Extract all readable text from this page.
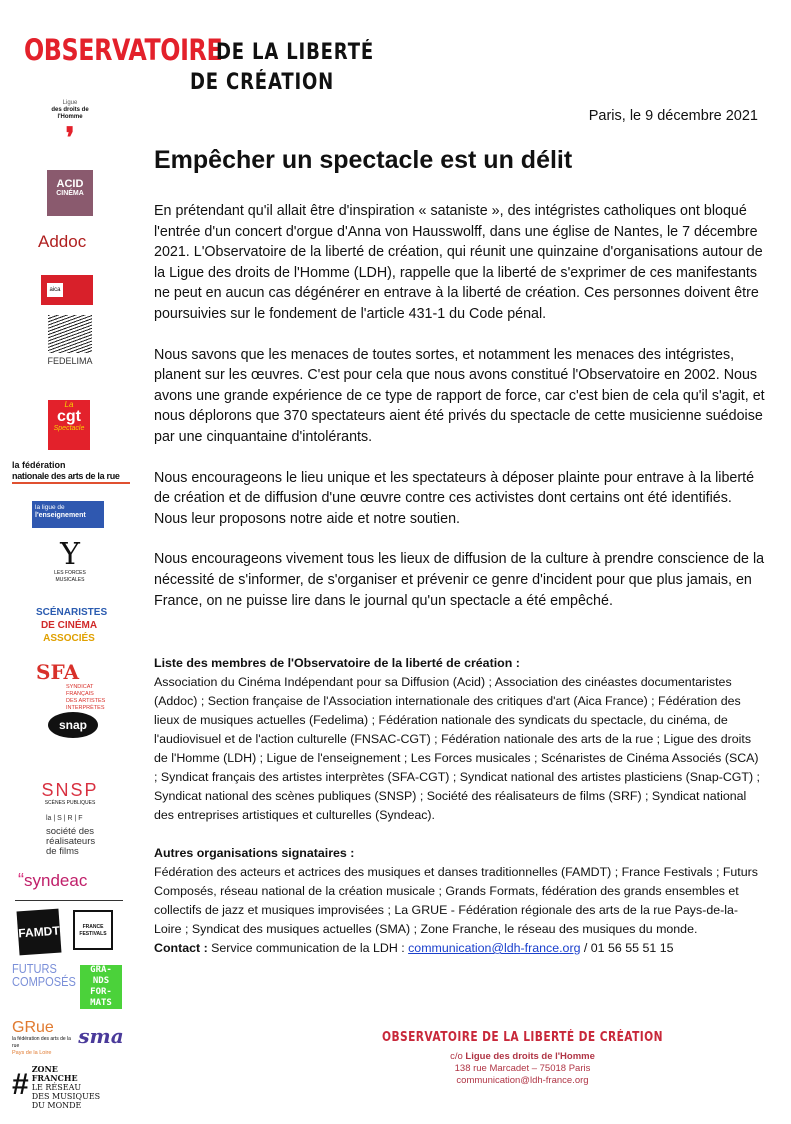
OBSERVATOIRE
DE LA LIBERTÉ
DE CRÉATION
Paris, le 9 décembre 2021
Empêcher un spectacle est un délit

En prétendant qu'il allait être d'inspiration « sataniste », des intégristes catholiques ont bloqué l'entrée d'un concert d'orgue d'Anna von Hausswolff, dans une église de Nantes, le 7 décembre 2021. L'Observatoire de la liberté de création, qui réunit une quinzaine d'organisations autour de la Ligue des droits de l'Homme (LDH), rappelle que la liberté de s'exprimer de ces manifestants ne peut en aucun cas dégénérer en entrave à la liberté de création. Ces personnes doivent être poursuivies sur le fondement de l'article 431-1 du Code pénal.

Nous savons que les menaces de toutes sortes, et notamment les menaces des intégristes, planent sur les œuvres. C'est pour cela que nous avons constitué l'Observatoire en 2002. Nous avons une grande expérience de ce type de rapport de force, car c'est bien de cela qu'il s'agit, et nous déplorons que 370 spectateurs aient été privés du spectacle de cette musicienne suédoise par une cinquantaine d'intolérants.

Nous encourageons le lieu unique et les spectateurs à déposer plainte pour entrave à la liberté de création et de diffusion d'une œuvre contre ces activistes dont certains ont été identifiés. Nous leur proposons notre aide et notre soutien.

Nous encourageons vivement tous les lieux de diffusion de la culture à prendre conscience de la nécessité de s'informer, de s'organiser et prévenir ce genre d'incident pour que plus jamais, en France, on ne puisse lire dans le journal qu'un spectacle a été empêché.

Liste des membres de l'Observatoire de la liberté de création :

Association du Cinéma Indépendant pour sa Diffusion (Acid) ; Association des cinéastes documentaristes (Addoc) ; Section française de l'Association internationale des critiques d'art (Aica France) ; Fédération des lieux de musiques actuelles (Fedelima) ; Fédération nationale des syndicats du spectacle, du cinéma, de l'audiovisuel et de l'action culturelle (FNSAC-CGT) ; Fédération nationale des arts de la rue ; Ligue des droits de l'Homme (LDH) ; Ligue de l'enseignement ; Les Forces musicales ; Scénaristes de Cinéma Associés (SCA) ; Syndicat français des artistes interprètes (SFA-CGT) ; Syndicat national des artistes plasticiens (Snap-CGT) ; Syndicat national des scènes publiques (SNSP) ; Société des réalisateurs de films (SRF) ; Syndicat national des entreprises artistiques et culturelles (Syndeac).

Autres organisations signataires :

Fédération des acteurs et actrices des musiques et danses traditionnelles (FAMDT) ; France Festivals ; Futurs Composés, réseau national de la création musicale ; Grands Formats, fédération des grands ensembles et collectifs de jazz et musiques improvisées ; La GRUE - Fédération régionale des arts de la rue Pays-de-la-Loire ; Syndicat des musiques actuelles (SMA) ; Zone Franche, le réseau des musiques du monde.

Contact : Service communication de la LDH : communication@ldh-france.org / 01 56 55 51 15

OBSERVATOIRE DE LA LIBERTÉ DE CRÉATION
c/o Ligue des droits de l'Homme
138 rue Marcadet – 75018 Paris
communication@ldh-france.org
Ligue
des droits de
l'Homme
❜
ACID
CINÉMA
Addoc
aica
FEDELIMA
La
cgt
Spectacle
la fédération
nationale des arts de la rue
la ligue de
l'enseignement
Y
LES FORCES
MUSICALES
SCÉNARISTES
DE CINÉMA
ASSOCIÉS
SFA
SYNDICAT FRANÇAIS DES ARTISTES INTERPRÈTES
snap CGT
SNSP
SCÈNES PUBLIQUES
la | S | R | F
société des
réalisateurs
de films
“syndeac
FAMDT	FRANCE
FESTIVALS
FUTURS
COMPOSÉS
GRA-
NDS
FOR-
MATS
GRue
la fédération des arts de la rue
Pays de la Loire
sma
# ZONE
FRANCHE
LE RÉSEAU
DES MUSIQUES
DU MONDE
